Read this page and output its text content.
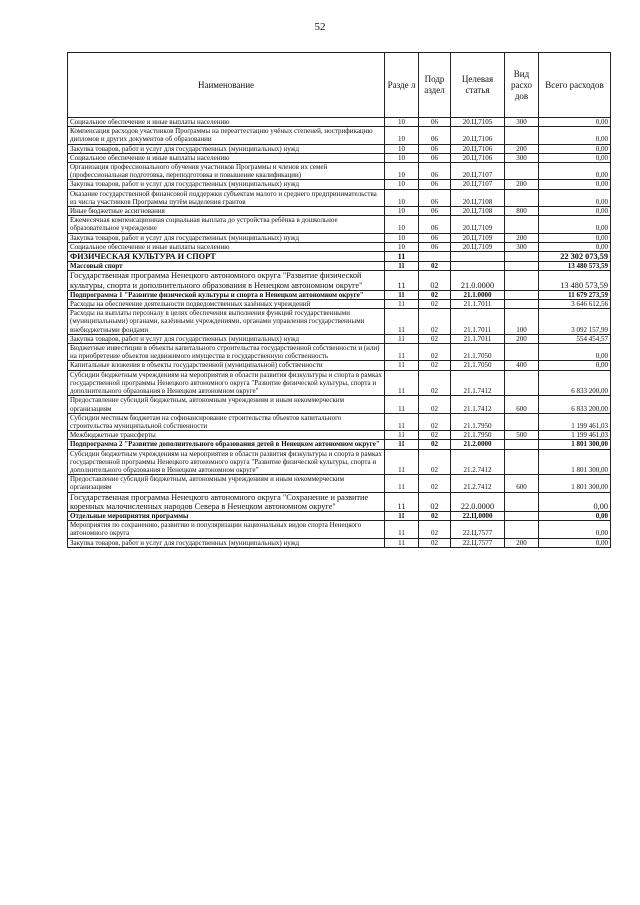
52
Наименование	Разде л	Подр аздел	Целевая статья	Вид расхо дов	Всего расходов
Социальное обеспечение и иные выплаты населению	10	06	20.Ц.7105	300	0,00
Компенсация расходов участников Программы на переаттестацию учёных степеней, нострификацию дипломов и других документов об образовании	10	06	20.Ц.7106		0,00
Закупка товаров, работ и услуг для государственных (муниципальных) нужд	10	06	20.Ц.7106	200	0,00
Социальное обеспечение и иные выплаты населению	10	06	20.Ц.7106	300	0,00
Организация профессионального обучения участников Программы и членов их семей (профессиональная подготовка, переподготовка и повышение квалификации)	10	06	20.Ц.7107		0,00
Закупка товаров, работ и услуг для государственных (муниципальных) нужд	10	06	20.Ц.7107	200	0,00
Оказание государственной финансовой поддержки субъектам малого и среднего предпринимательства из числа участников Программы путём выделения грантов	10	06	20.Ц.7108		0,00
Иные бюджетные ассигнования	10	06	20.Ц.7108	800	0,00
Ежемесячная компенсационная социальная выплата до устройства ребёнка в дошкольное образовательное учреждение	10	06	20.Ц.7109		0,00
Закупка товаров, работ и услуг для государственных (муниципальных) нужд	10	06	20.Ц.7109	200	0,00
Социальное обеспечение и иные выплаты населению	10	06	20.Ц.7109	300	0,00
ФИЗИЧЕСКАЯ КУЛЬТУРА И СПОРТ	11				22 302 073,59
Массовый спорт	11	02			13 480 573,59
Государственная программа Ненецкого автономного округа "Развитие физической культуры, спорта и дополнительного образования в Ненецком автономном округе"	11	02	21.0.0000		13 480 573,59
Подпрограмма 1 "Развитие физической культуры и спорта в Ненецком автономном округе"	11	02	21.1.0000		11 679 273,59
Расходы на обеспечение деятельности подведомственных казённых учреждений	11	02	21.1.7011		3 646 612,56
Расходы на выплаты персоналу в целях обеспечения выполнения функций государственными (муниципальными) органами, казёнными учреждениями, органами управления государственными внебюджетными фондами	11	02	21.1.7011	100	3 092 157,99
Закупка товаров, работ и услуг для государственных (муниципальных) нужд	11	02	21.1.7011	200	554 454,57
Бюджетные инвестиции в объекты капитального строительства государственной собственности и (или) на приобретение объектов недвижимого имущества в государственную собственность	11	02	21.1.7050		0,00
Капитальные вложения в объекты государственной (муниципальной) собственности	11	02	21.1.7050	400	0,00
Субсидии бюджетным учреждениям на мероприятия в области развития физкультуры и спорта в рамках государственной программы Ненецкого автономного округа "Развитие физической культуры, спорта и дополнительного образования в Ненецком автономном округе"	11	02	21.1.7412		6 833 200,00
Предоставление субсидий бюджетным, автономным учреждениям и иным некоммерческим организациям	11	02	21.1.7412	600	6 833 200,00
Субсидии местным бюджетам на софинансирование строительства объектов капитального строительства муниципальной собственности	11	02	21.1.7950		1 199 461,03
Межбюджетные трансферты	11	02	21.1.7950	500	1 199 461,03
Подпрограмма 2 "Развитие дополнительного образования детей в Ненецком автономном округе"	11	02	21.2.0000		1 801 300,00
Субсидии бюджетным учреждениям на мероприятия в области развития физкультуры и спорта в рамках государственной программы Ненецкого автономного округа "Развитие физической культуры, спорта и дополнительного образования в Ненецком автономном округе"	11	02	21.2.7412		1 801 300,00
Предоставление субсидий бюджетным, автономным учреждениям и иным некоммерческим организациям	11	02	21.2.7412	600	1 801 300,00
Государственная программа Ненецкого автономного округа "Сохранение и развитие коренных малочисленных народов Севера в Ненецком автономном округе"	11	02	22.0.0000		0,00
Отдельные мероприятия программы	11	02	22.Ц.0000		0,00
Мероприятия по сохранению, развитию и популяризации национальных видов спорта Ненецкого автономного округа	11	02	22.Ц.7577		0,00
Закупка товаров, работ и услуг для государственных (муниципальных) нужд	11	02	22.Ц.7577	200	0,00
